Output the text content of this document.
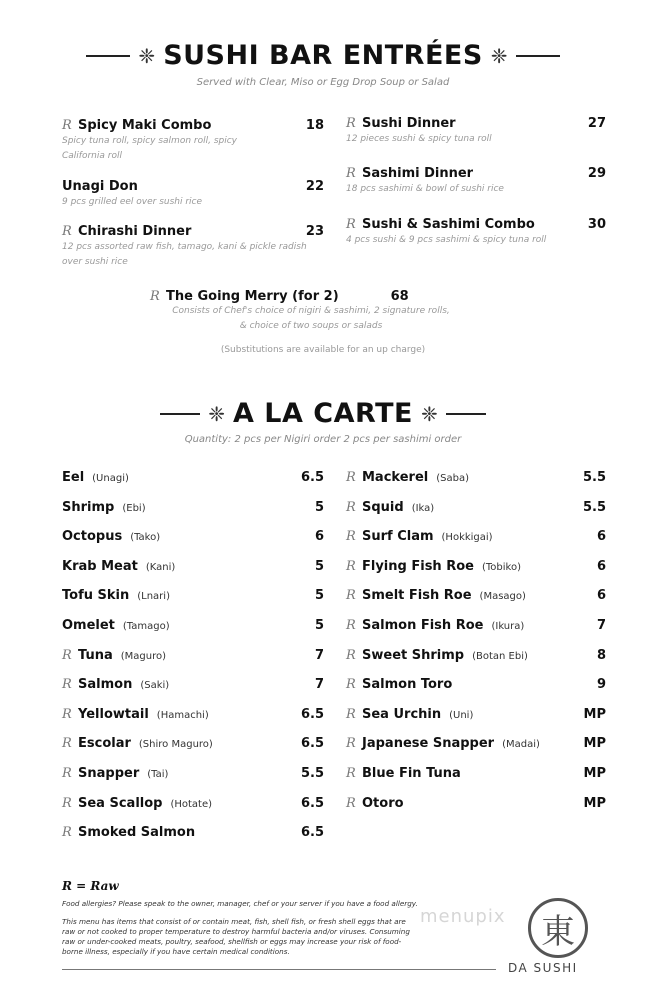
❈ SUSHI BAR ENTRÉES ❈
Served with Clear, Miso or Egg Drop Soup or Salad
R Spicy Maki Combo	18
Spicy tuna roll, spicy salmon roll, spicy California roll
Unagi Don	22
9 pcs grilled eel over sushi rice
R Chirashi Dinner	23
12 pcs assorted raw fish, tamago, kani & pickle radish over sushi rice
R Sushi Dinner	27
12 pieces sushi & spicy tuna roll
R Sashimi Dinner	29
18 pcs sashimi & bowl of sushi rice
R Sushi & Sashimi Combo	30
4 pcs sushi & 9 pcs sashimi & spicy tuna roll
R The Going Merry (for 2)	68
Consists of Chef's choice of nigiri & sashimi, 2 signature rolls,
& choice of two soups or salads
(Substitutions are available for an up charge)
❈ A LA CARTE ❈
Quantity: 2 pcs per Nigiri order 2 pcs per sashimi order
Eel (Unagi)	6.5
Shrimp (Ebi)	5
Octopus (Tako)	6
Krab Meat (Kani)	5
Tofu Skin (Lnari)	5
Omelet (Tamago)	5
R Tuna (Maguro)	7
R Salmon (Saki)	7
R Yellowtail (Hamachi)	6.5
R Escolar (Shiro Maguro)	6.5
R Snapper (Tai)	5.5
R Sea Scallop (Hotate)	6.5
R Smoked Salmon	6.5
R Mackerel (Saba)	5.5
R Squid (Ika)	5.5
R Surf Clam (Hokkigai)	6
R Flying Fish Roe (Tobiko)	6
R Smelt Fish Roe (Masago)	6
R Salmon Fish Roe (Ikura)	7
R Sweet Shrimp (Botan Ebi)	8
R Salmon Toro	9
R Sea Urchin (Uni)	MP
R Japanese Snapper (Madai)	MP
R Blue Fin Tuna	MP
R Otoro	MP
R = Raw
Food allergies? Please speak to the owner, manager, chef or your server if you have a food allergy.
This menu has items that consist of or contain meat, fish, shell fish, or fresh shell eggs that are
raw or not cooked to proper temperature to destroy harmful bacteria and/or viruses. Consuming
raw or under-cooked meats, poultry, seafood, shellfish or eggs may increase your risk of food-
borne illness, especially if you have certain medical conditions.
menupix 東
DA SUSHI
